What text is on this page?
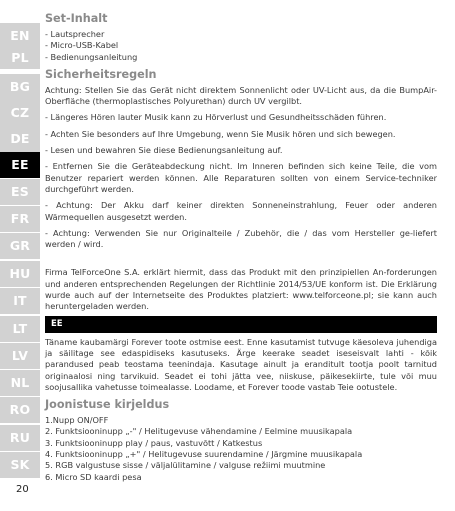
EN
PL
BG
CZ
DE
EE
ES
FR
GR
HU
IT
LT
LV
NL
RO
RU
SK
20
Set-Inhalt

- Lautsprecher

- Micro-USB-Kabel

- Bedienungsanleitung

Sicherheitsregeln

Achtung: Stellen Sie das Gerät nicht direktem Sonnenlicht oder UV-Licht aus, da die BumpAir-Oberfläche (thermoplastisches Polyurethan) durch UV vergilbt.

- Längeres Hören lauter Musik kann zu Hörverlust und Gesundheitsschäden führen.

- Achten Sie besonders auf Ihre Umgebung, wenn Sie Musik hören und sich bewegen.

- Lesen und bewahren Sie diese Bedienungsanleitung auf.

- Entfernen Sie die Geräteabdeckung nicht. Im Inneren befinden sich keine Teile, die vom Benutzer repariert werden können. Alle Reparaturen sollten von einem Service-techniker durchgeführt werden.

- Achtung: Der Akku darf keiner direkten Sonneneinstrahlung, Feuer oder anderen Wärmequellen ausgesetzt werden.

- Achtung: Verwenden Sie nur Originalteile / Zubehör, die / das vom Hersteller ge-liefert werden / wird.

Firma TelForceOne S.A. erklärt hiermit, dass das Produkt mit den prinzipiellen An-forderungen und anderen entsprechenden Regelungen der Richtlinie 2014/53/UE konform ist. Die Erklärung wurde auch auf der Internetseite des Produktes platziert: www.telforceone.pl; sie kann auch heruntergeladen werden.

EE

Täname kaubamärgi Forever toote ostmise eest. Enne kasutamist tutvuge käesoleva juhendiga ja säilitage see edaspidiseks kasutuseks. Ärge keerake seadet iseseisvalt lahti - kõik parandused peab teostama teenindaja. Kasutage ainult ja eranditult tootja poolt tarnitud originaalosi ning tarvikuid. Seadet ei tohi jätta vee, niiskuse, päikesekiirte, tule või muu soojusallika vahetusse toimealasse. Loodame, et Forever toode vastab Teie ootustele.

Joonistuse kirjeldus

1.Nupp ON/OFF

2. Funktsiooninupp „-" / Helitugevuse vähendamine / Eelmine muusikapala

3. Funktsiooninupp play / paus, vastuvõtt / Katkestus

4. Funktsiooninupp „+" / Helitugevuse suurendamine / Järgmine muusikapala

5. RGB valgustuse sisse / väljalülitamine / valguse režiimi muutmine

6. Micro SD kaardi pesa
